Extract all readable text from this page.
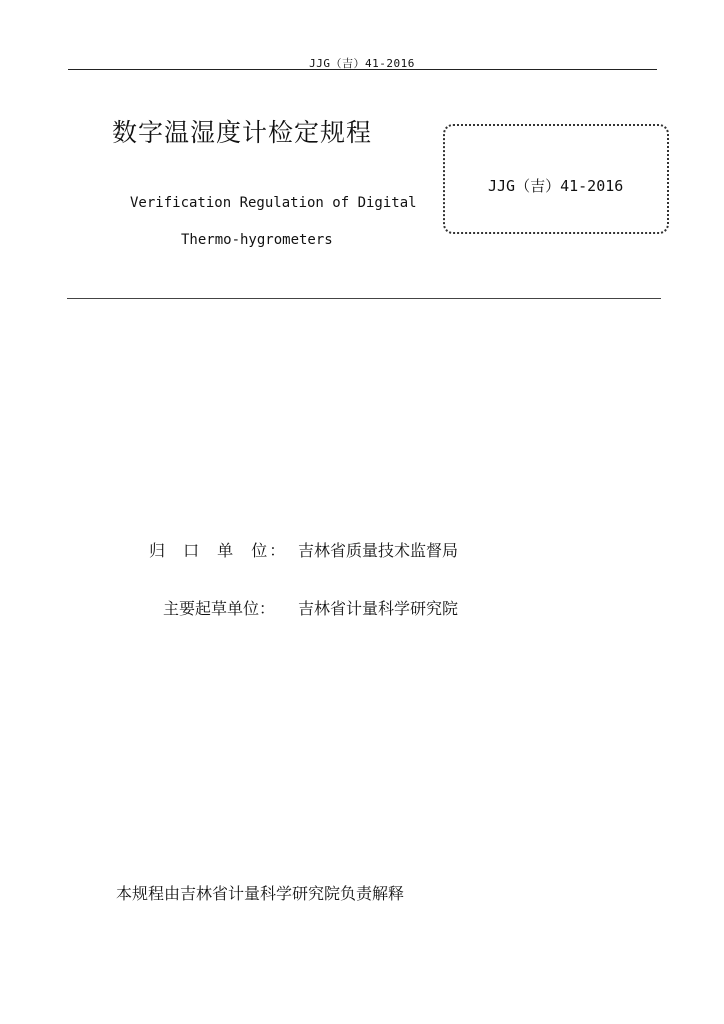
JJG（吉）41-2016
数字温湿度计检定规程
Verification Regulation of Digital
Thermo-hygrometers
JJG（吉）41-2016
归 口 单 位： 吉林省质量技术监督局
主要起草单位： 吉林省计量科学研究院
本规程由吉林省计量科学研究院负责解释
